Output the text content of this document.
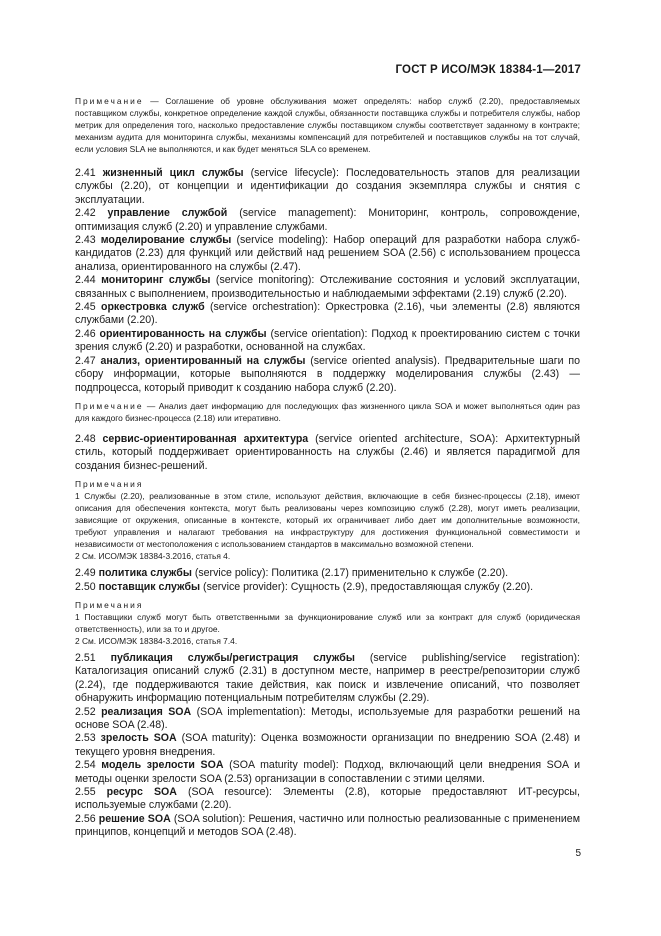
ГОСТ Р ИСО/МЭК 18384-1—2017

Примечание — Соглашение об уровне обслуживания может определять: набор служб (2.20), предоставляемых поставщиком службы, конкретное определение каждой службы, обязанности поставщика службы и потребителя службы, набор метрик для определения того, насколько предоставление службы поставщиком службы соответствует заданному в контракте; механизм аудита для мониторинга службы, механизмы компенсаций для потребителей и поставщиков службы на тот случай, если условия SLA не выполняются, и как будет меняться SLA со временем.

2.41 жизненный цикл службы (service lifecycle): Последовательность этапов для реализации службы (2.20), от концепции и идентификации до создания экземпляра службы и снятия с эксплуатации.

2.42 управление службой (service management): Мониторинг, контроль, сопровождение, оптимизация служб (2.20) и управление службами.

2.43 моделирование службы (service modeling): Набор операций для разработки набора служб-кандидатов (2.23) для функций или действий над решением SOA (2.56) с использованием процесса анализа, ориентированного на службы (2.47).

2.44 мониторинг службы (service monitoring): Отслеживание состояния и условий эксплуатации, связанных с выполнением, производительностью и наблюдаемыми эффектами (2.19) служб (2.20).

2.45 оркестровка служб (service orchestration): Оркестровка (2.16), чьи элементы (2.8) являются службами (2.20).

2.46 ориентированность на службы (service orientation): Подход к проектированию систем с точки зрения служб (2.20) и разработки, основанной на службах.

2.47 анализ, ориентированный на службы (service oriented analysis). Предварительные шаги по сбору информации, которые выполняются в поддержку моделирования службы (2.43) — подпроцесса, который приводит к созданию набора служб (2.20).

Примечание — Анализ дает информацию для последующих фаз жизненного цикла SOA и может выполняться один раз для каждого бизнес-процесса (2.18) или итеративно.

2.48 сервис-ориентированная архитектура (service oriented architecture, SOA): Архитектурный стиль, который поддерживает ориентированность на службы (2.46) и является парадигмой для создания бизнес-решений.

Примечания

1 Службы (2.20), реализованные в этом стиле, используют действия, включающие в себя бизнес-процессы (2.18), имеют описания для обеспечения контекста, могут быть реализованы через композицию служб (2.28), могут иметь реализации, зависящие от окружения, описанные в контексте, который их ограничивает либо дает им дополнительные возможности, требуют управления и налагают требования на инфраструктуру для достижения функциональной совместимости и независимости от местоположения с использованием стандартов в максимально возможной степени.

2 См. ИСО/МЭК 18384-3.2016, статья 4.

2.49 политика службы (service policy): Политика (2.17) применительно к службе (2.20).

2.50 поставщик службы (service provider): Сущность (2.9), предоставляющая службу (2.20).

Примечания

1 Поставщики служб могут быть ответственными за функционирование служб или за контракт для служб (юридическая ответственность), или за то и другое.

2 См. ИСО/МЭК 18384-3.2016, статья 7.4.

2.51 публикация службы/регистрация службы (service publishing/service registration): Каталогизация описаний служб (2.31) в доступном месте, например в реестре/репозитории служб (2.24), где поддерживаются такие действия, как поиск и извлечение описаний, что позволяет обнаружить информацию потенциальным потребителям службы (2.29).

2.52 реализация SOA (SOA implementation): Методы, используемые для разработки решений на основе SOA (2.48).

2.53 зрелость SOA (SOA maturity): Оценка возможности организации по внедрению SOA (2.48) и текущего уровня внедрения.

2.54 модель зрелости SOA (SOA maturity model): Подход, включающий цели внедрения SOA и методы оценки зрелости SOA (2.53) организации в сопоставлении с этими целями.

2.55 ресурс SOA (SOA resource): Элементы (2.8), которые предоставляют ИТ-ресурсы, используемые службами (2.20).

2.56 решение SOA (SOA solution): Решения, частично или полностью реализованные с применением принципов, концепций и методов SOA (2.48).

5
